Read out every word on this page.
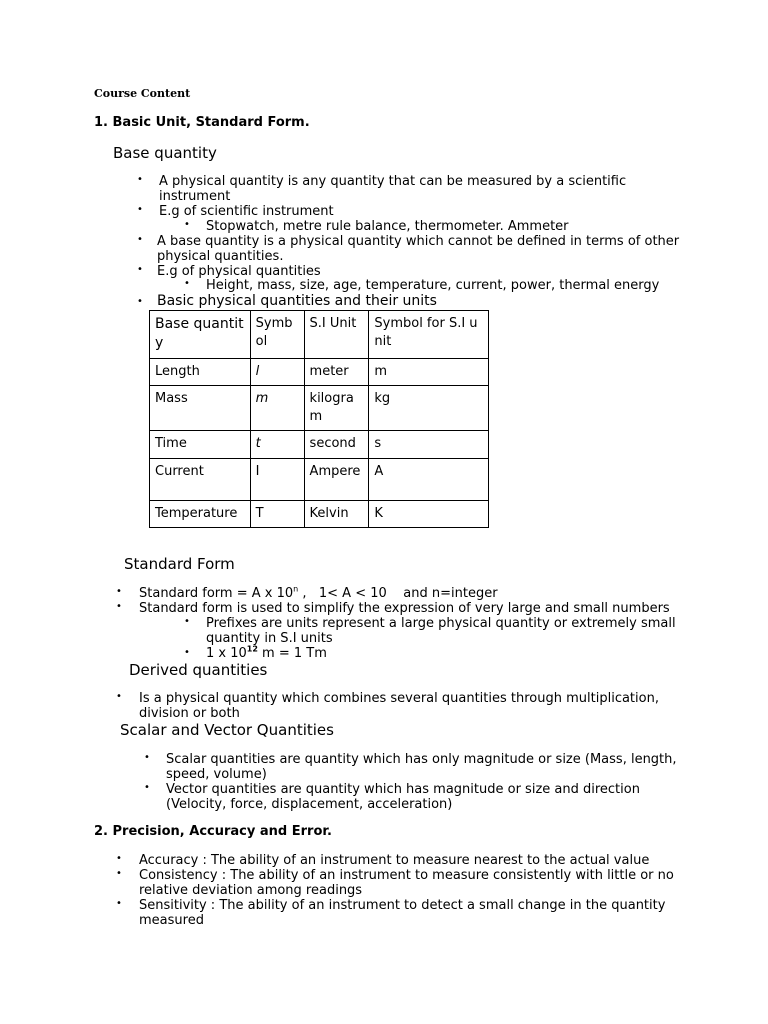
Course Content
1. Basic Unit, Standard Form.
Base quantity
• A physical quantity is any quantity that can be measured by a scientific
instrument
• E.g of scientific instrument
• Stopwatch, metre rule balance, thermometer. Ammeter
• A base quantity is a physical quantity which cannot be defined in terms of other
physical quantities.
• E.g of physical quantities
• Height, mass, size, age, temperature, current, power, thermal energy
• Basic physical quantities and their units
Base quantity	Symbol	S.I Unit	Symbol for S.I unit
Length	l	meter	m
Mass	m	kilogram	kg
Time	t	second	s
Current	I	Ampere	A
Temperature	T	Kelvin	K
Standard Form
• Standard form = A x 10$^n$ ,   1< A < 10    and n=integer
• Standard form is used to simplify the expression of very large and small numbers
• Prefixes are units represent a large physical quantity or extremely small
quantity in S.I units
• 1 x $10^{12}$ m = 1 Tm
Derived quantities
• Is a physical quantity which combines several quantities through multiplication,
division or both
Scalar and Vector Quantities
• Scalar quantities are quantity which has only magnitude or size (Mass, length,
speed, volume)
• Vector quantities are quantity which has magnitude or size and direction
(Velocity, force, displacement, acceleration)
2. Precision, Accuracy and Error.
• Accuracy : The ability of an instrument to measure nearest to the actual value
• Consistency : The ability of an instrument to measure consistently with little or no
relative deviation among readings
• Sensitivity : The ability of an instrument to detect a small change in the quantity
measured
